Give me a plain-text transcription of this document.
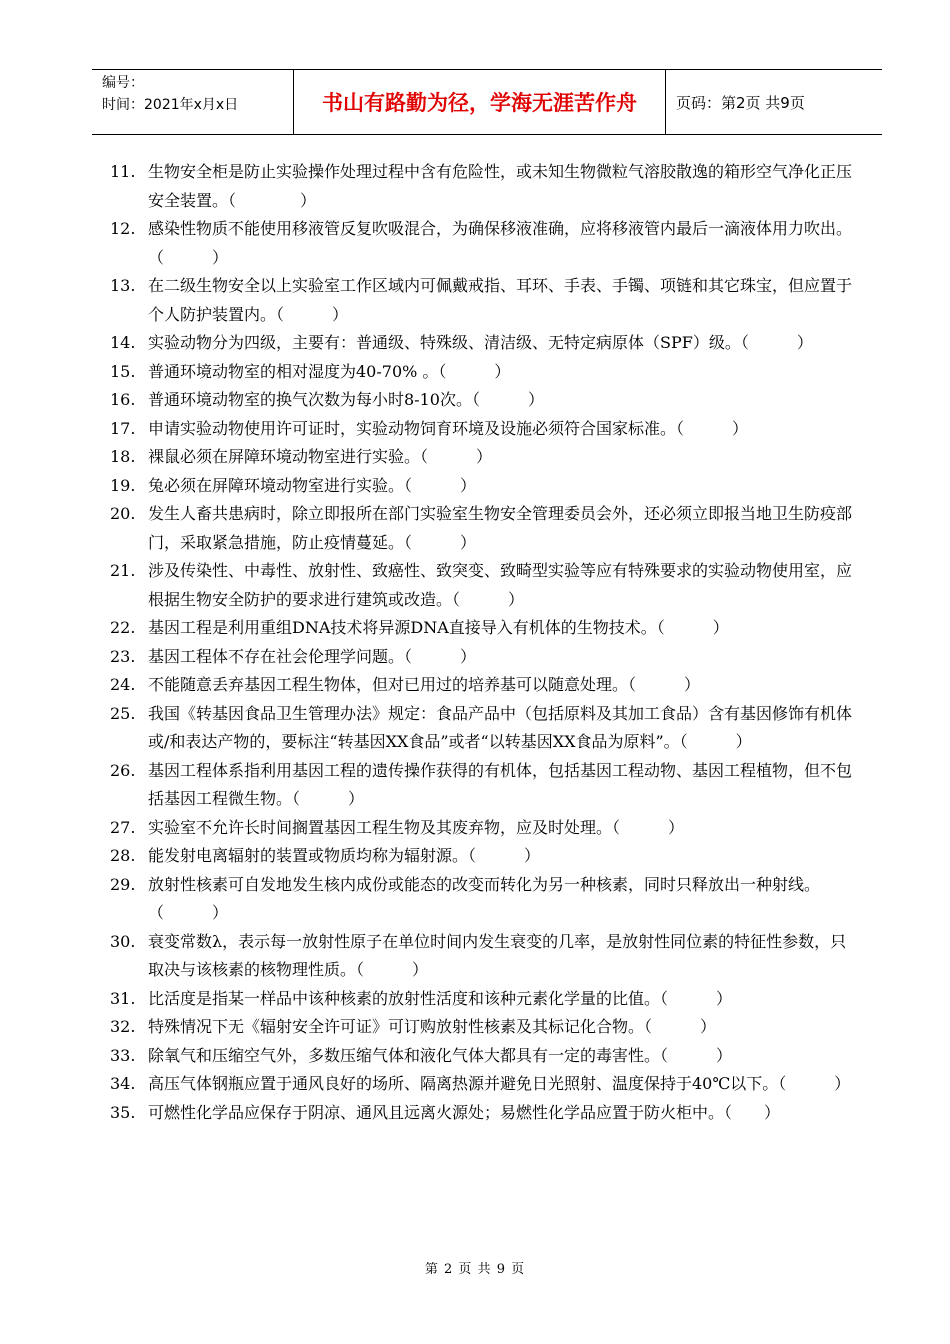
编号：
时间：2021年x月x日	书山有路勤为径，学海无涯苦作舟	页码：第2页 共9页
11. 生物安全柜是防止实验操作处理过程中含有危险性，或未知生物微粒气溶胶散逸的箱形空气净化正压安全装置。（　　　　）
12. 感染性物质不能使用移液管反复吹吸混合，为确保移液准确，应将移液管内最后一滴液体用力吹出。（　　　）
13. 在二级生物安全以上实验室工作区域内可佩戴戒指、耳环、手表、手镯、项链和其它珠宝，但应置于个人防护装置内。（　　　）
14. 实验动物分为四级，主要有：普通级、特殊级、清洁级、无特定病原体（SPF）级。（　　　）
15. 普通环境动物室的相对湿度为40-70% 。（　　　）
16. 普通环境动物室的换气次数为每小时8-10次。（　　　）
17. 申请实验动物使用许可证时，实验动物饲育环境及设施必须符合国家标准。（　　　）
18. 裸鼠必须在屏障环境动物室进行实验。（　　　）
19. 兔必须在屏障环境动物室进行实验。（　　　）
20. 发生人畜共患病时，除立即报所在部门实验室生物安全管理委员会外，还必须立即报当地卫生防疫部门，采取紧急措施，防止疫情蔓延。（　　　）
21. 涉及传染性、中毒性、放射性、致癌性、致突变、致畸型实验等应有特殊要求的实验动物使用室，应根据生物安全防护的要求进行建筑或改造。（　　　）
22. 基因工程是利用重组DNA技术将异源DNA直接导入有机体的生物技术。（　　　）
23. 基因工程体不存在社会伦理学问题。（　　　）
24. 不能随意丢弃基因工程生物体，但对已用过的培养基可以随意处理。（　　　）
25. 我国《转基因食品卫生管理办法》规定：食品产品中（包括原料及其加工食品）含有基因修饰有机体或/和表达产物的，要标注“转基因XX食品”或者“以转基因XX食品为原料”。（　　　）
26. 基因工程体系指利用基因工程的遗传操作获得的有机体，包括基因工程动物、基因工程植物，但不包括基因工程微生物。（　　　）
27. 实验室不允许长时间搁置基因工程生物及其废弃物，应及时处理。（　　　）
28. 能发射电离辐射的装置或物质均称为辐射源。（　　　）
29. 放射性核素可自发地发生核内成份或能态的改变而转化为另一种核素，同时只释放出一种射线。（　　　）
30. 衰变常数λ，表示每一放射性原子在单位时间内发生衰变的几率，是放射性同位素的特征性参数，只取决与该核素的核物理性质。（　　　）
31. 比活度是指某一样品中该种核素的放射性活度和该种元素化学量的比值。（　　　）
32. 特殊情况下无《辐射安全许可证》可订购放射性核素及其标记化合物。（　　　）
33. 除氧气和压缩空气外，多数压缩气体和液化气体大都具有一定的毒害性。（　　　）
34. 高压气体钢瓶应置于通风良好的场所、隔离热源并避免日光照射、温度保持于40℃以下。（　　　）
35. 可燃性化学品应保存于阴凉、通风且远离火源处；易燃性化学品应置于防火柜中。（　　）
第 2 页 共 9 页
